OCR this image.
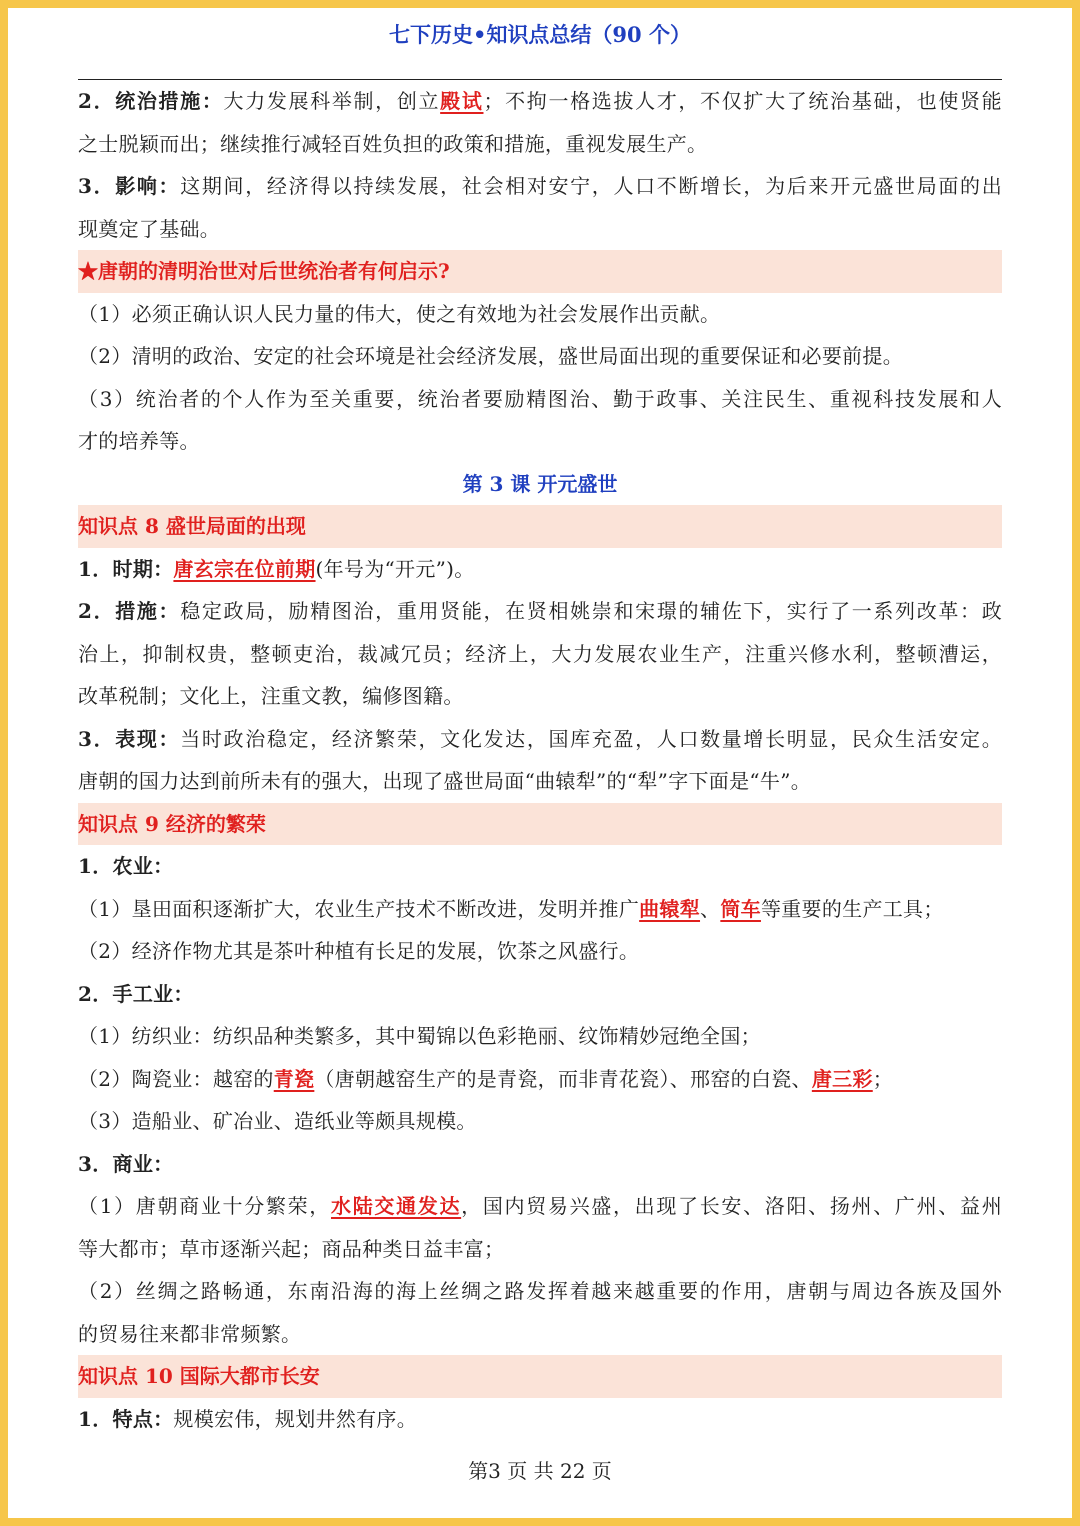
七下历史•知识点总结（90 个）
2．统治措施：大力发展科举制，创立殿试；不拘一格选拔人才，不仅扩大了统治基础，也使贤能
之士脱颖而出；继续推行减轻百姓负担的政策和措施，重视发展生产。
3．影响：这期间，经济得以持续发展，社会相对安宁，人口不断增长，为后来开元盛世局面的出
现奠定了基础。
★唐朝的清明治世对后世统治者有何启示?
（1）必须正确认识人民力量的伟大，使之有效地为社会发展作出贡献。
（2）清明的政治、安定的社会环境是社会经济发展，盛世局面出现的重要保证和必要前提。
（3）统治者的个人作为至关重要，统治者要励精图治、勤于政事、关注民生、重视科技发展和人
才的培养等。
第 3 课 开元盛世
知识点 8 盛世局面的出现
1．时期：唐玄宗在位前期(年号为“开元”)。
2．措施：稳定政局，励精图治，重用贤能，在贤相姚崇和宋璟的辅佐下，实行了一系列改革：政
治上，抑制权贵，整顿吏治，裁减冗员；经济上，大力发展农业生产，注重兴修水利，整顿漕运，
改革税制；文化上，注重文教，编修图籍。
3．表现：当时政治稳定，经济繁荣，文化发达，国库充盈，人口数量增长明显，民众生活安定。
唐朝的国力达到前所未有的强大，出现了盛世局面“曲辕犁”的“犁”字下面是“牛”。
知识点 9 经济的繁荣
1．农业：
（1）垦田面积逐渐扩大，农业生产技术不断改进，发明并推广曲辕犁、筒车等重要的生产工具；
（2）经济作物尤其是茶叶种植有长足的发展，饮茶之风盛行。
2．手工业：
（1）纺织业：纺织品种类繁多，其中蜀锦以色彩艳丽、纹饰精妙冠绝全国；
（2）陶瓷业：越窑的青瓷（唐朝越窑生产的是青瓷，而非青花瓷）、邢窑的白瓷、唐三彩；
（3）造船业、矿冶业、造纸业等颇具规模。
3．商业：
（1）唐朝商业十分繁荣，水陆交通发达，国内贸易兴盛，出现了长安、洛阳、扬州、广州、益州
等大都市；草市逐渐兴起；商品种类日益丰富；
（2）丝绸之路畅通，东南沿海的海上丝绸之路发挥着越来越重要的作用，唐朝与周边各族及国外
的贸易往来都非常频繁。
知识点 10 国际大都市长安
1．特点：规模宏伟，规划井然有序。
第3 页 共 22 页
